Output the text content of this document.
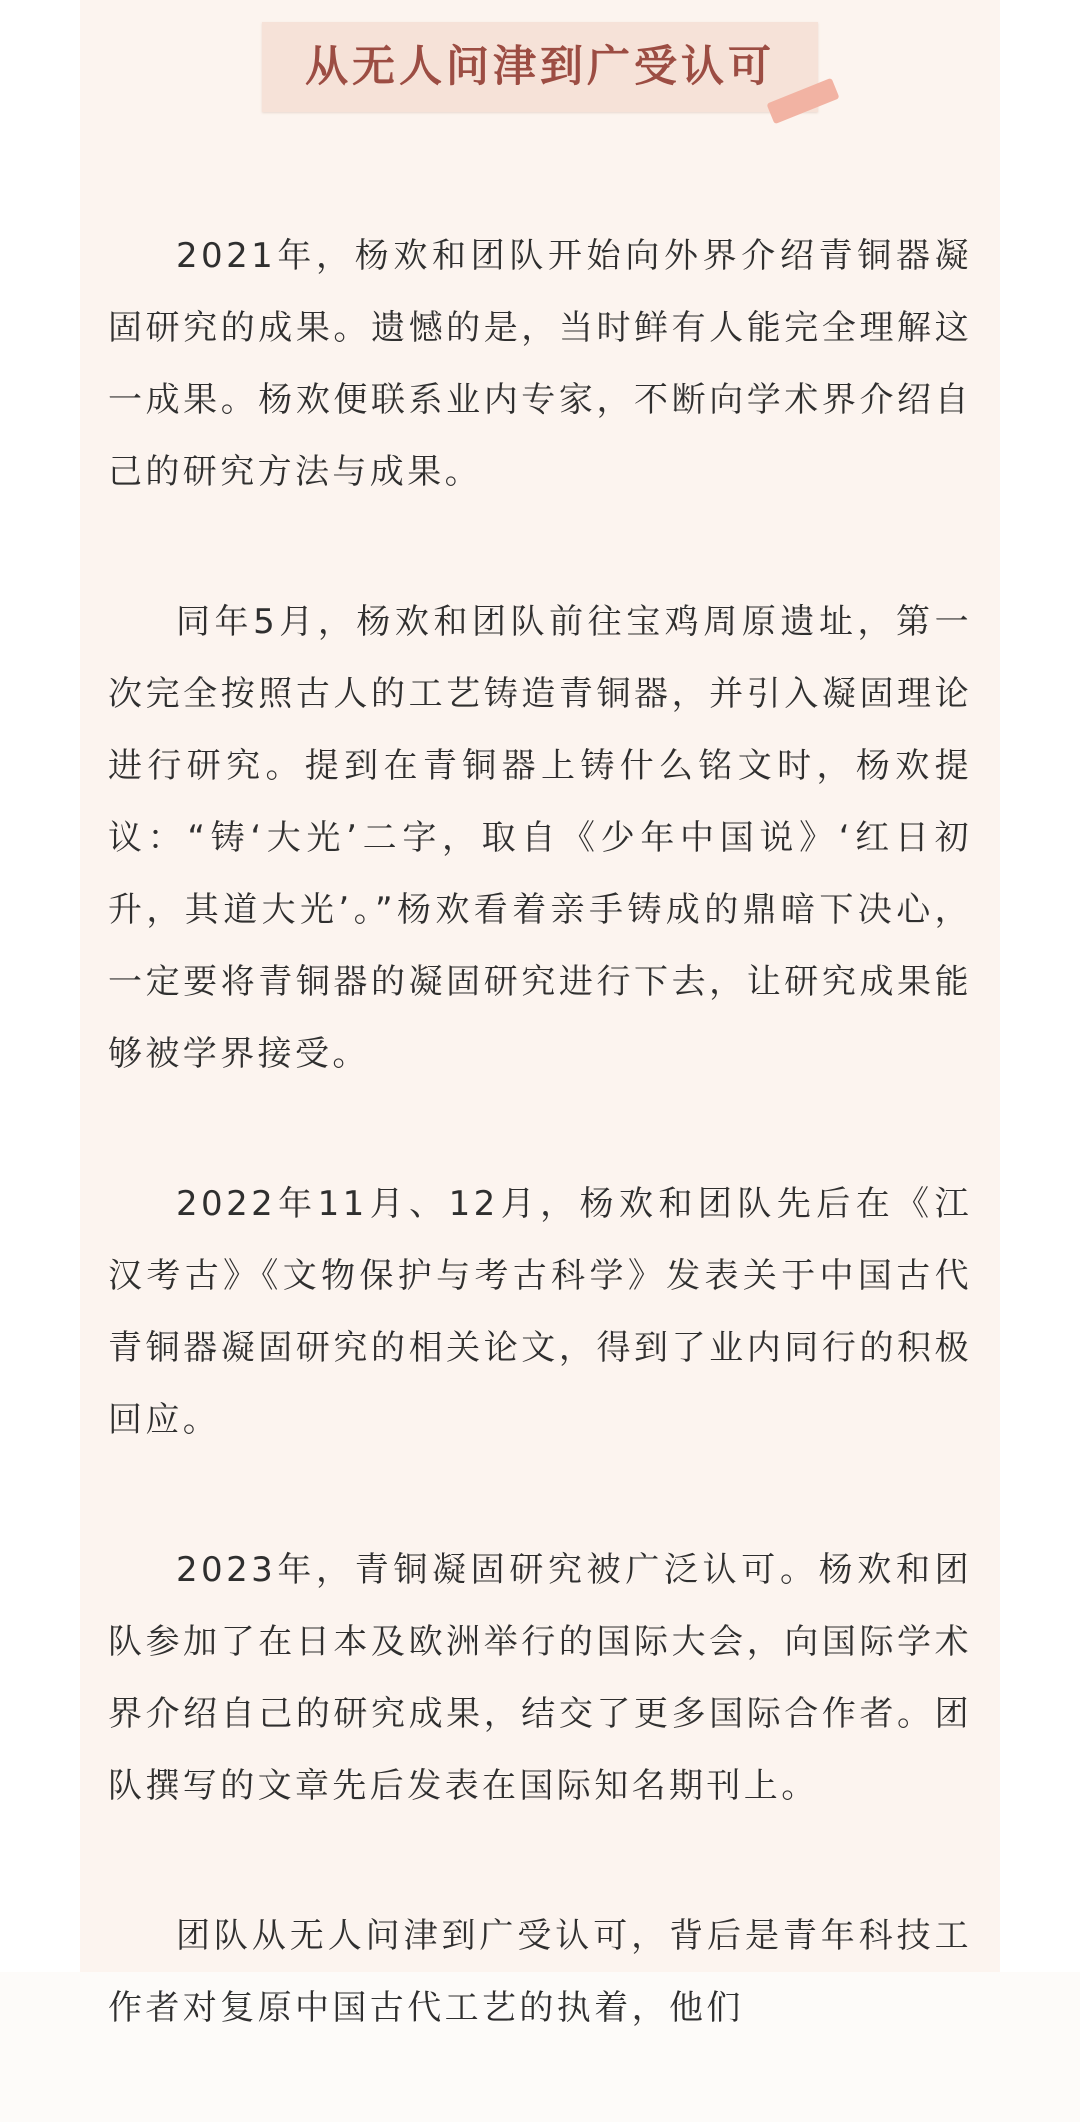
从无人问津到广受认可

2021年，杨欢和团队开始向外界介绍青铜器凝固研究的成果。遗憾的是，当时鲜有人能完全理解这一成果。杨欢便联系业内专家，不断向学术界介绍自己的研究方法与成果。

同年5月，杨欢和团队前往宝鸡周原遗址，第一次完全按照古人的工艺铸造青铜器，并引入凝固理论进行研究。提到在青铜器上铸什么铭文时，杨欢提议：“铸‘大光’二字，取自《少年中国说》‘红日初升，其道大光’。”杨欢看着亲手铸成的鼎暗下决心，一定要将青铜器的凝固研究进行下去，让研究成果能够被学界接受。

2022年11月、12月，杨欢和团队先后在《江汉考古》《文物保护与考古科学》发表关于中国古代青铜器凝固研究的相关论文，得到了业内同行的积极回应。

2023年，青铜凝固研究被广泛认可。杨欢和团队参加了在日本及欧洲举行的国际大会，向国际学术界介绍自己的研究成果，结交了更多国际合作者。团队撰写的文章先后发表在国际知名期刊上。

团队从无人问津到广受认可，背后是青年科技工作者对复原中国古代工艺的执着，他们
